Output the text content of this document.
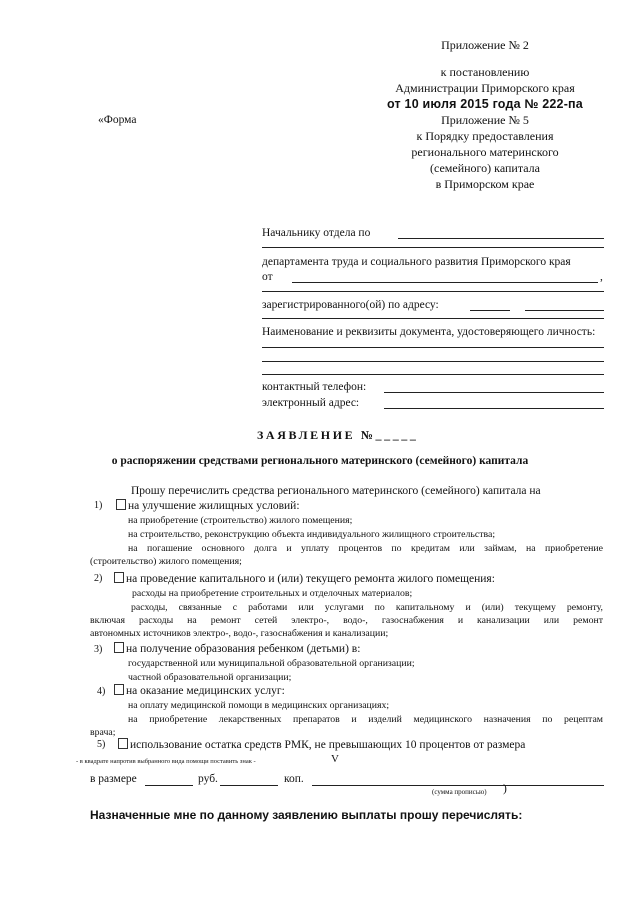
Приложение № 2
к постановлению
Администрации Приморского края
от 10 июля 2015 года № 222-па
Приложение № 5
к Порядку предоставления
регионального материнского
(семейного) капитала
в Приморском крае
«Форма
Начальнику отдела по
департамента труда и социального развития Приморского края
от	,
зарегистрированного(ой) по адресу:
Наименование и реквизиты документа, удостоверяющего личность:
контактный телефон:
электронный адрес:
ЗАЯВЛЕНИЕ №_____
о распоряжении средствами регионального материнского (семейного) капитала
Прошу перечислить средства регионального материнского (семейного) капитала на
1)	на улучшение жилищных условий:
на приобретение (строительство) жилого помещения;
на строительство, реконструкцию объекта индивидуального жилищного строительства;
на погашение основного долга и уплату процентов по кредитам или займам, на приобретение
(строительство) жилого помещения;
2)	на проведение капитального и (или) текущего ремонта жилого помещения:
расходы на приобретение строительных и отделочных материалов;
расходы, связанные с работами или услугами по капитальному и (или) текущему ремонту,
включая расходы на ремонт сетей электро-, водо-, газоснабжения и канализации или ремонт
автономных источников электро-, водо-, газоснабжения и канализации;
3)	на получение образования ребенком (детьми) в:
государственной или муниципальной образовательной организации;
частной образовательной организации;
4)	на оказание медицинских услуг:
на оплату медицинской помощи в медицинских организациях;
на приобретение лекарственных препаратов и изделий медицинского назначения по рецептам
врача;
5)	использование остатка средств РМК, не превышающих 10 процентов от размера
- в квадрате напротив выбранного вида помощи поставить знак -	V
в размере	руб.	коп.
(сумма прописью) )
Назначенные мне по данному заявлению выплаты прошу перечислять:
